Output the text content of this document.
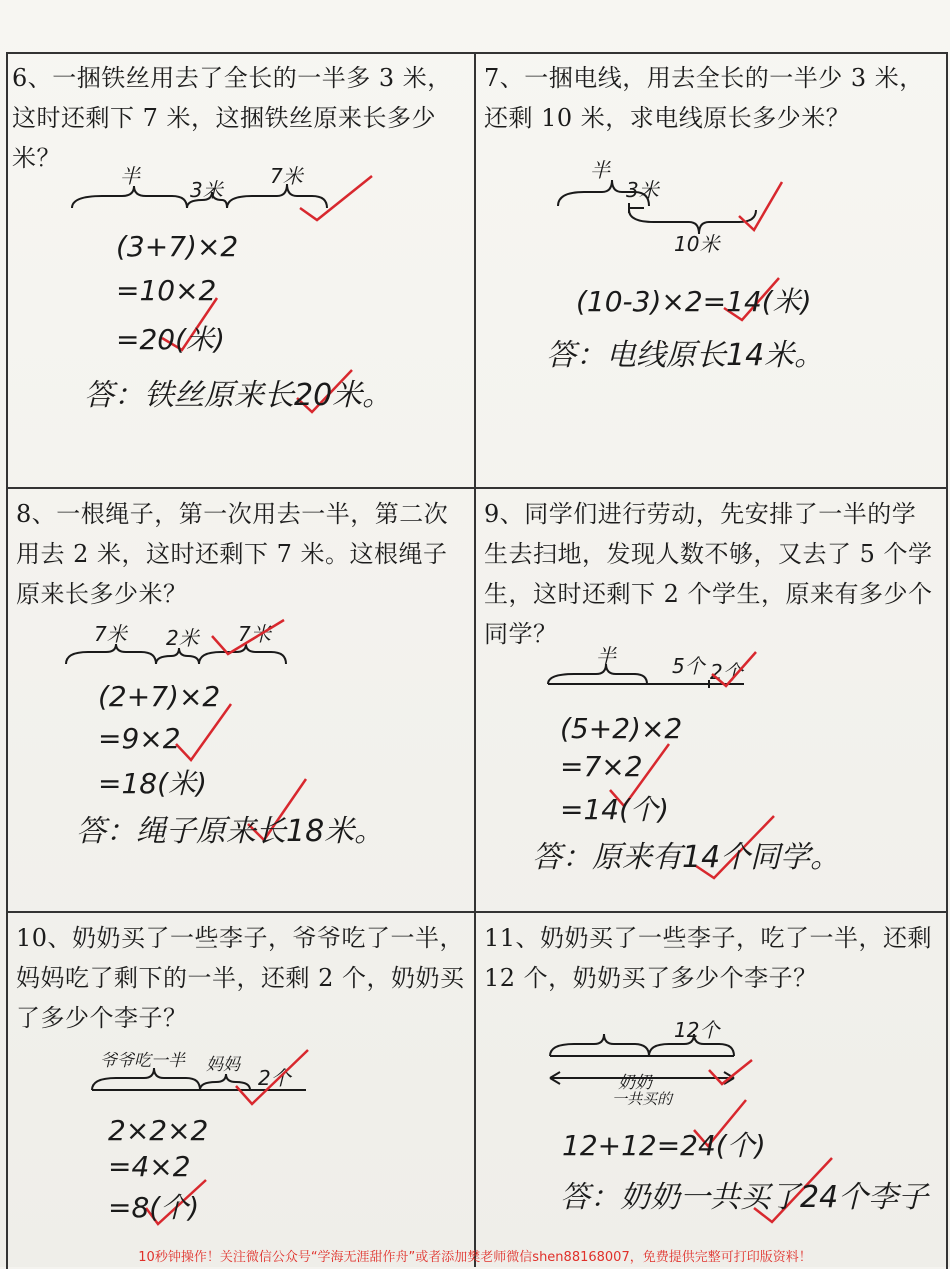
6、一捆铁丝用去了全长的一半多 3 米，这时还剩下 7 米，这捆铁丝原来长多少米？

半
3米
7米
(3+7)×2
=10×2
=20(米)
答：铁丝原来长20米。

7、一捆电线，用去全长的一半少 3 米，还剩 10 米，求电线原长多少米？

半
3米
10米
(10-3)×2=14(米)
答：电线原长14米。

8、一根绳子，第一次用去一半，第二次用去 2 米，这时还剩下 7 米。这根绳子原来长多少米？

7米 2米 7米
(2+7)×2
=9×2
=18(米)
答：绳子原来长18米。

9、同学们进行劳动，先安排了一半的学生去扫地，发现人数不够，又去了 5 个学生，这时还剩下 2 个学生，原来有多少个同学？

半	5个 2个
(5+2)×2
=7×2
=14(个)
答：原来有14个同学。

10、奶奶买了一些李子，爷爷吃了一半，妈妈吃了剩下的一半，还剩 2 个，奶奶买了多少个李子？

爷爷吃一半 妈妈
2个
2×2×2
=4×2
=8(个)

11、奶奶买了一些李子，吃了一半，还剩 12 个，奶奶买了多少个李子？

12个
奶奶
一共买的
12+12=24(个)
答：奶奶一共买了24个李子
10秒钟操作！关注微信公众号“学海无涯甜作舟”或者添加樊老师微信shen88168007，免费提供完整可打印版资料！
